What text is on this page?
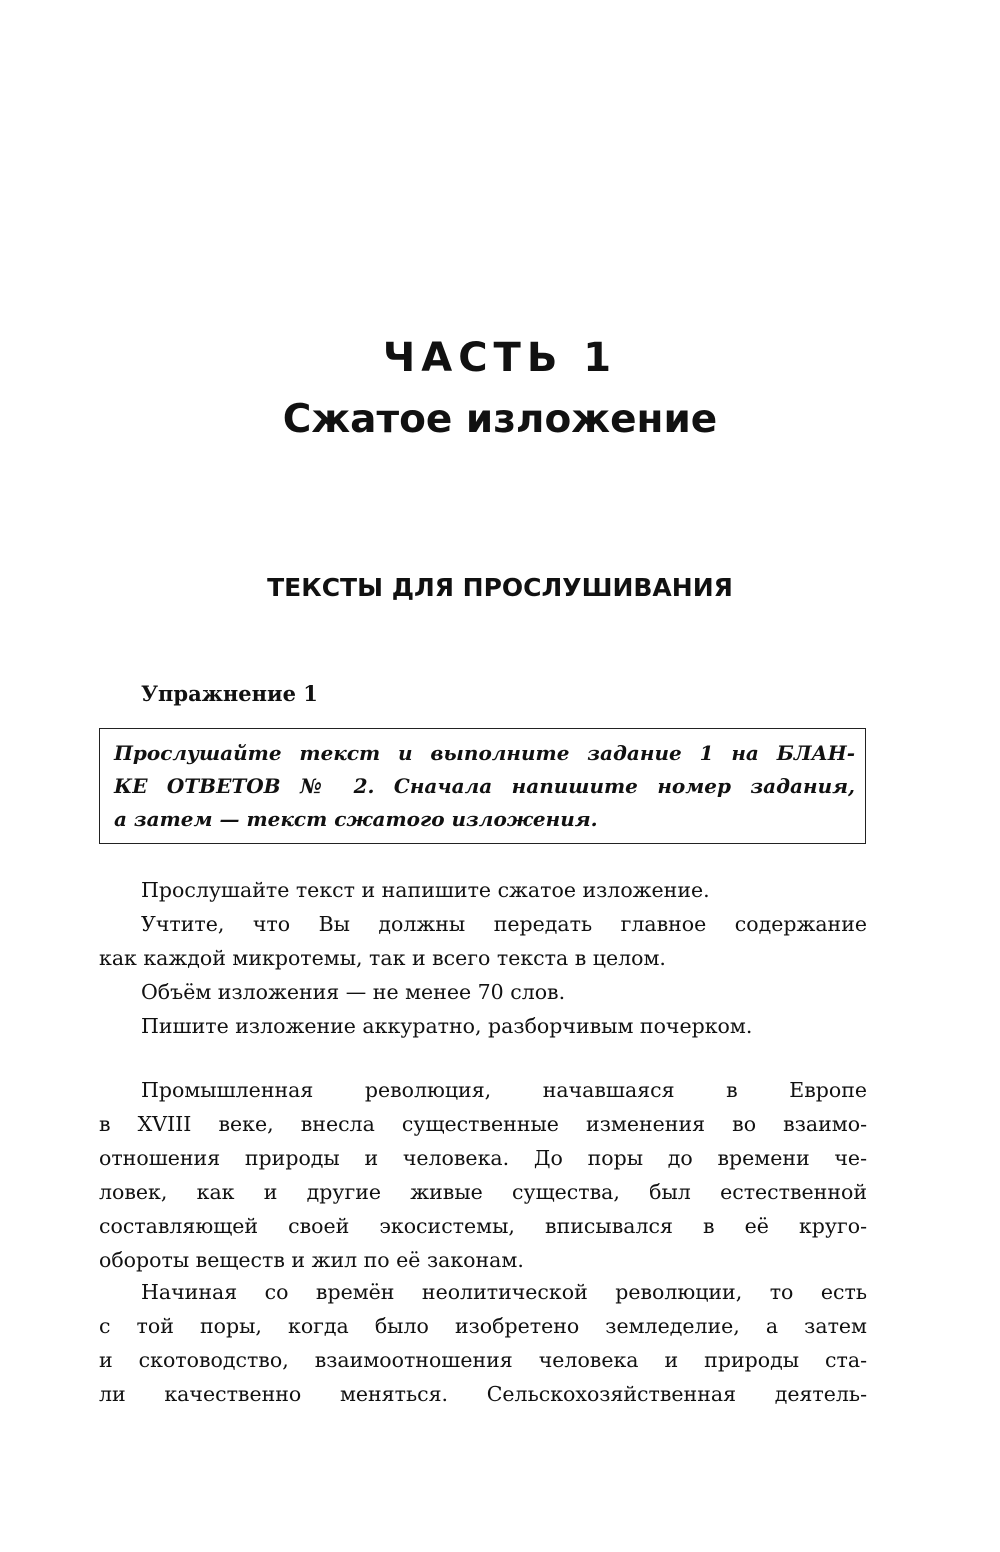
ЧАСТЬ 1
Сжатое изложение
ТЕКСТЫ ДЛЯ ПРОСЛУШИВАНИЯ
Упражнение 1
Прослушайте текст и выполните задание 1 на БЛАН-
КЕ ОТВЕТОВ № 2. Сначала напишите номер задания,
а затем — текст сжатого изложения.
Прослушайте текст и напишите сжатое изложение.
Учтите, что Вы должны передать главное содержание
как каждой микротемы, так и всего текста в целом.
Объём изложения — не менее 70 слов.
Пишите изложение аккуратно, разборчивым почерком.
Промышленная революция, начавшаяся в Европе
в XVIII веке, внесла существенные изменения во взаимо-
отношения природы и человека. До поры до времени че-
ловек, как и другие живые существа, был естественной
составляющей своей экосистемы, вписывался в её круго-
обороты веществ и жил по её законам.
Начиная со времён неолитической революции, то есть
с той поры, когда было изобретено земледелие, а затем
и скотоводство, взаимоотношения человека и природы ста-
ли качественно меняться. Сельскохозяйственная деятель-
